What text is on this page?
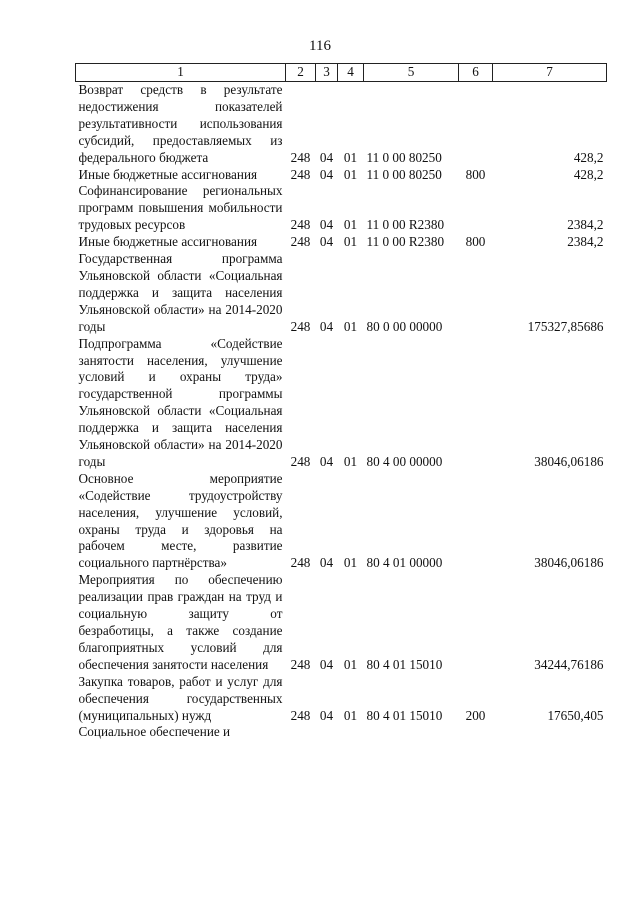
116
1	2	3	4	5	6	7
Возврат средств в результате недостижения показателей результативности использования субсидий, предоставляемых из федерального бюджета	248	04	01	11 0 00 80250		428,2
Иные бюджетные ассигнования	248	04	01	11 0 00 80250	800	428,2
Софинансирование региональных программ повышения мобильности трудовых ресурсов	248	04	01	11 0 00 R2380		2384,2
Иные бюджетные ассигнования	248	04	01	11 0 00 R2380	800	2384,2
Государственная программа Ульяновской области «Социальная поддержка и защита населения Ульяновской области» на 2014-2020 годы	248	04	01	80 0 00 00000		175327,85686
Подпрограмма «Содействие занятости населения, улучшение условий и охраны труда» государственной программы Ульяновской области «Социальная поддержка и защита населения Ульяновской области» на 2014-2020 годы	248	04	01	80 4 00 00000		38046,06186
Основное мероприятие «Содействие трудоустройству населения, улучшение условий, охраны труда и здоровья на рабочем месте, развитие социального партнёрства»	248	04	01	80 4 01 00000		38046,06186
Мероприятия по обеспечению реализации прав граждан на труд и социальную защиту от безработицы, а также создание благоприятных условий для обеспечения занятости населения	248	04	01	80 4 01 15010		34244,76186
Закупка товаров, работ и услуг для обеспечения государственных (муниципальных) нужд	248	04	01	80 4 01 15010	200	17650,405
Социальное обеспечение и						
